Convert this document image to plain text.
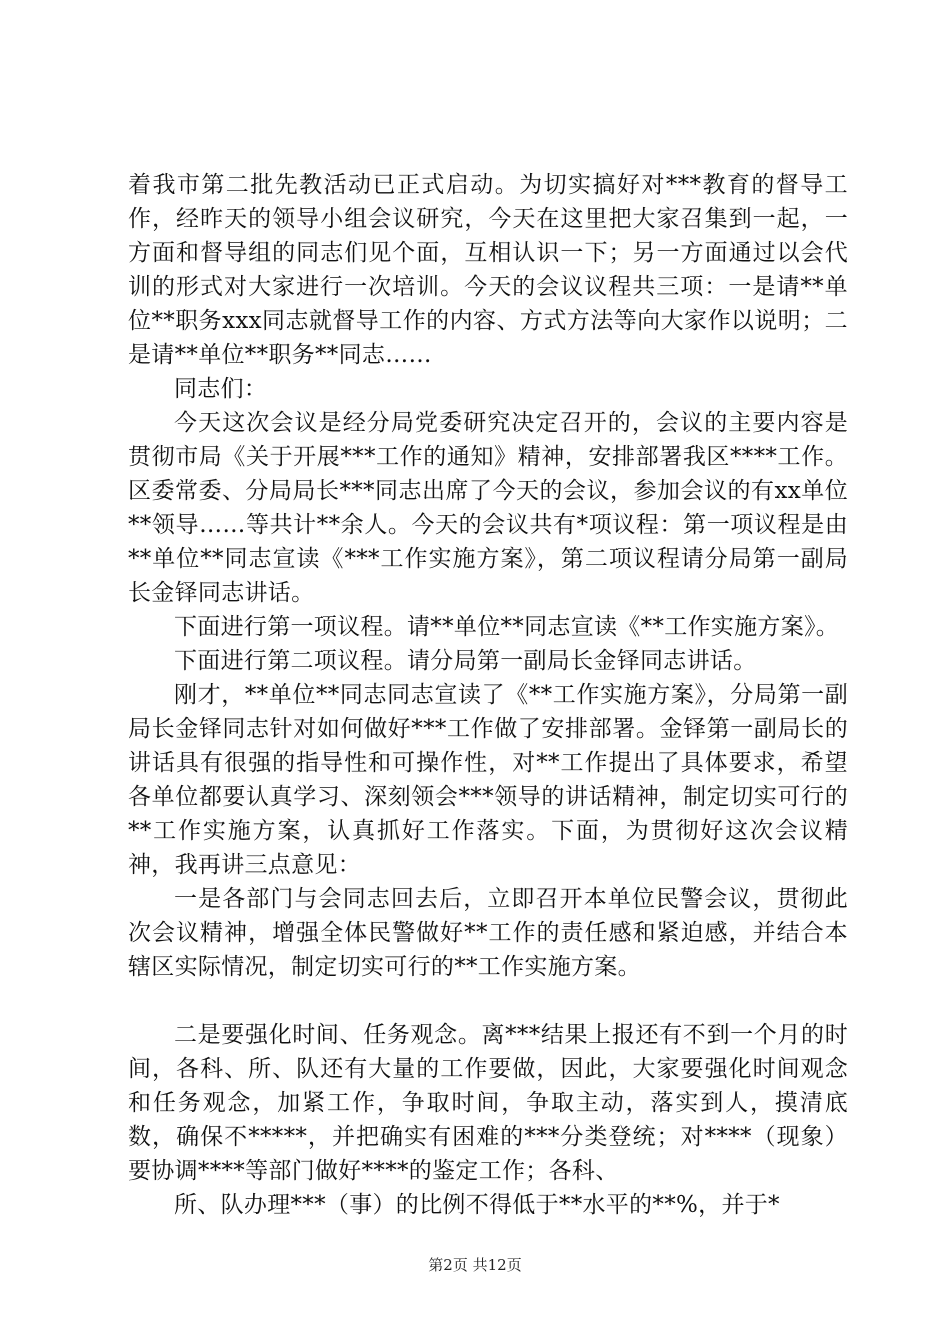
着我市第二批先教活动已正式启动。为切实搞好对***教育的督导工作，经昨天的领导小组会议研究，今天在这里把大家召集到一起，一方面和督导组的同志们见个面，互相认识一下；另一方面通过以会代训的形式对大家进行一次培训。今天的会议议程共三项：一是请**单位**职务xxx同志就督导工作的内容、方式方法等向大家作以说明；二是请**单位**职务**同志……

同志们：

今天这次会议是经分局党委研究决定召开的，会议的主要内容是贯彻市局《关于开展***工作的通知》精神，安排部署我区****工作。区委常委、分局局长***同志出席了今天的会议，参加会议的有xx单位**领导……等共计**余人。今天的会议共有*项议程：第一项议程是由**单位**同志宣读《***工作实施方案》，第二项议程请分局第一副局长金铎同志讲话。

下面进行第一项议程。请**单位**同志宣读《**工作实施方案》。

下面进行第二项议程。请分局第一副局长金铎同志讲话。

刚才，**单位**同志同志宣读了《**工作实施方案》，分局第一副局长金铎同志针对如何做好***工作做了安排部署。金铎第一副局长的讲话具有很强的指导性和可操作性，对**工作提出了具体要求，希望各单位都要认真学习、深刻领会***领导的讲话精神，制定切实可行的**工作实施方案，认真抓好工作落实。下面，为贯彻好这次会议精神，我再讲三点意见：

一是各部门与会同志回去后，立即召开本单位民警会议，贯彻此次会议精神，增强全体民警做好**工作的责任感和紧迫感，并结合本辖区实际情况，制定切实可行的**工作实施方案。

二是要强化时间、任务观念。离***结果上报还有不到一个月的时间，各科、所、队还有大量的工作要做，因此，大家要强化时间观念和任务观念，加紧工作，争取时间，争取主动，落实到人，摸清底数，确保不*****，并把确实有困难的***分类登统；对****（现象）要协调****等部门做好****的鉴定工作；各科、

所、队办理***（事）的比例不得低于**水平的**%，并于*

第2页 共12页
